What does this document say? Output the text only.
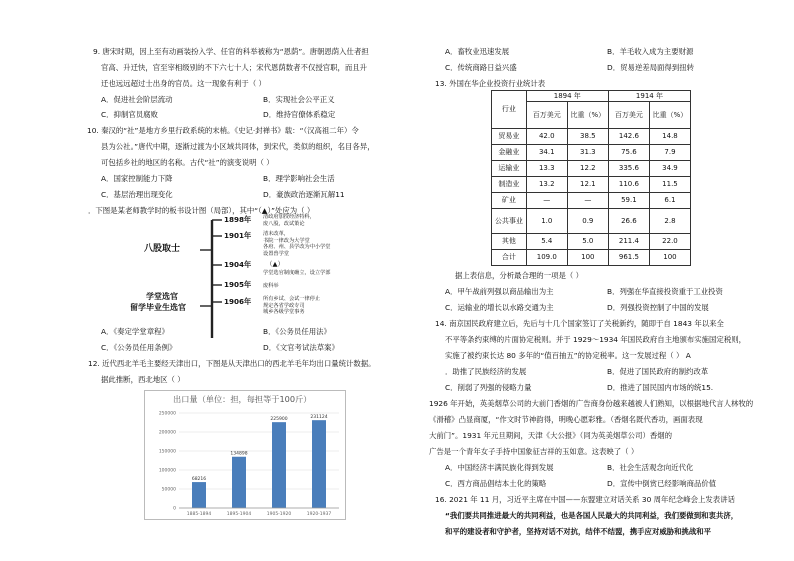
9. 唐宋时期，因上至有动画装扮入学、任官的科举被称为“恩荫”。唐朝恩荫入仕者担
官高、升迁快，官至宰相级别的不下六七十人；宋代恩荫数者不仅授官职，而且升
迁也远远超过士出身的官员。这一现象有利于（ ）
A．促进社会阶层流动	B．实现社会公平正义
C．抑制官员腐败	D．维持官僚体系稳定
10. 秦汉的“社”是地方乡里行政系统的末梢。《史记·封禅书》载：“（汉高祖二年）令
县为公社。”唐代中期，逐渐过渡为小区域共同体，到宋代，类似的组织，名目各异，
可包括乡社的地区的名称。古代“社”的演变说明（ ）
A．国家控制能力下降	B．理学影响社会生活
C．基层治理出现变化	D．豪族政治逐渐瓦解11
．下图是某老师教学时的板书设计图（局部），其中“（▲）”处应为（ ）
八股取士
学堂选官
留学毕业生选官
1898年 清政府加授经济特科，
废八股，改试策论
1901年 清末改革，
书院一律改为大学堂
各府、州、县学改为中小学堂
设置兽学堂
1904年 （▲）
学堂选官制度确立，设立学部
1905年 废科举
1906年 所有乡试、会试一律停止
规定各省学政专司
城乡各级学堂事务
A．《奏定学堂章程》	B．《公务员任用法》
C．《公务员任用条例》	D．《文官考试法草案》
12. 近代西北羊毛主要经天津出口，下图是从天津出口的西北羊毛年均出口量统计数据。
据此推断，西北地区（ ）
出口量（单位：担，每担等于100斤）
250000
200000
150000
100000
50000
0
68216
1885-1894
134898
1895-1904
225900
1905-1920
231124
1920-1937
A．畜牧业迅速发展	B．羊毛收入成为主要财源
C．传统商路日益兴盛	D．贸易逆差局面得到扭转
13. 外国在华企业投资行业统计表
行业	1894 年		1914 年	

	百万美元	比重（%）	百万美元	比重（%）
贸易业	42.0	38.5	142.6	14.8
金融业	34.1	31.3	75.6	7.9
运输业	13.3	12.2	335.6	34.9
制造业	13.2	12.1	110.6	11.5
矿业	—	—	59.1	6.1
公共事业	1.0	0.9	26.6	2.8
其他	5.4	5.0	211.4	22.0
合计	109.0	100	961.5	100
据上表信息，分析最合理的一项是（ ）
A．甲午战前列强以商品输出为主	B．列强在华直接投资重于工业投资
C．运输业的增长以水路交通为主	D．列强投资控制了中国的发展
14. 南京国民政府建立后，先后与十几个国家签订了关税新约，随即于自 1843 年以来全
不平等条约束缚的片面协定税则。并于 1929～1934 年国民政府自主地颁布实施国定税则，
实施了被约束长达 80 多年的“值百抽五”的协定税率。这一发展过程（ ） A
．助推了民族经济的发展	B．促进了国民政府的制约改革
C．削弱了列强的侵略力量	D．推进了国民国内市场的统15.
1926 年开始，英美烟草公司的大前门香烟的广告商身份越来越被人们熟知，以根据地代言人林牧的
《滑稽》凸显商厦，“作文时节神韵得，明晚心愿彩雅。（香烟名既代香功，画面表现
大前门”。1931 年元旦期间，天津《大公报》（同为英美烟草公司）香烟的
广告是一个青年女子手持中国象征吉祥的玉如意。这表映了（ ）
A．中国经济丰满民族化得到发展	B．社会生活观念向近代化
C．西方商品倡结本土化的策略	D．宣传中倒赏已经影响商品价值
16. 2021 年 11 月，习近平主席在中国——东盟建立对话关系 30 周年纪念峰会上发表讲话
“我们要共同推进最大的共同利益，也是各国人民最大的共同利益，我们要做到和衷共济，
和平的建设者和守护者，坚持对话不对抗，结伴不结盟，携手应对威胁和挑战和平
